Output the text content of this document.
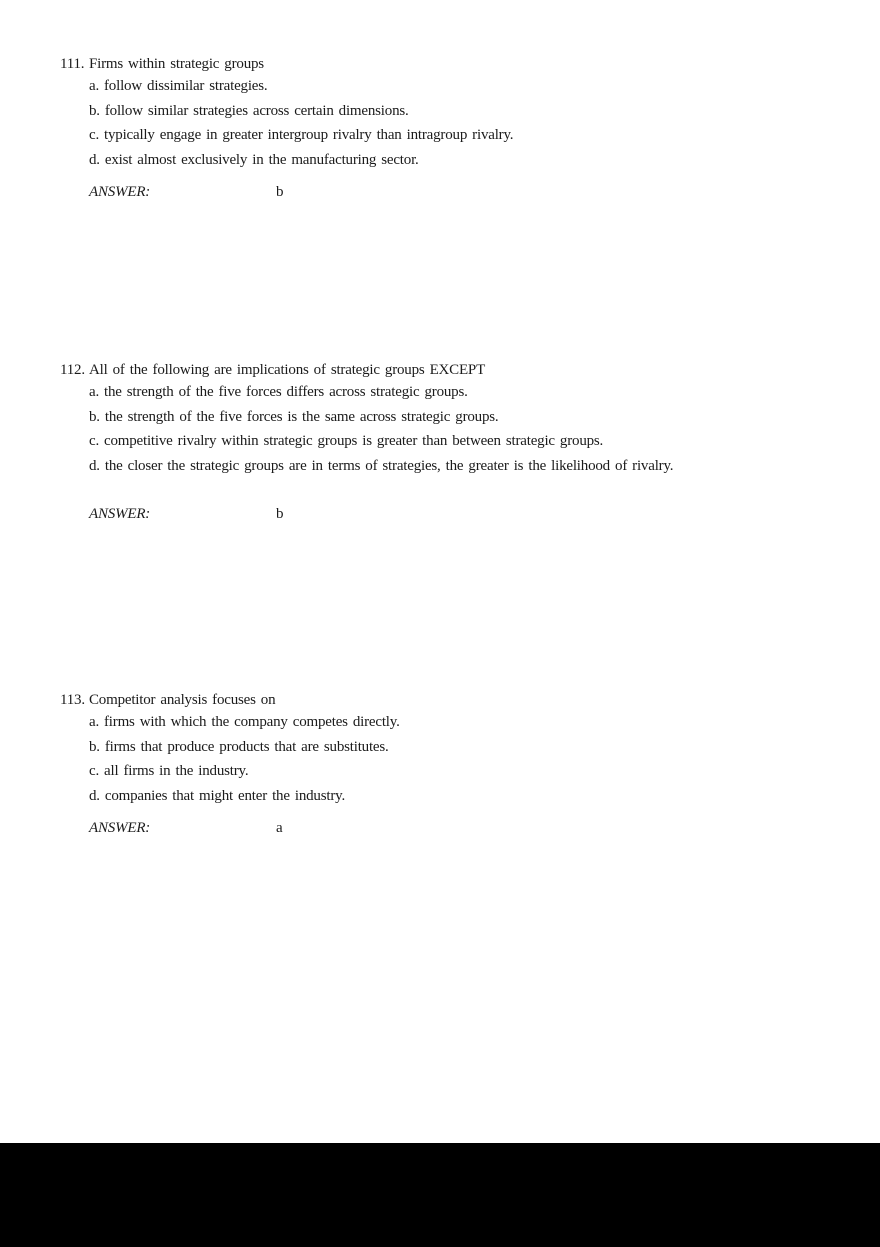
111. Firms within strategic groups
a. follow dissimilar strategies.
b. follow similar strategies across certain dimensions.
c. typically engage in greater intergroup rivalry than intragroup rivalry.
d. exist almost exclusively in the manufacturing sector.
ANSWER:	b
112. All of the following are implications of strategic groups EXCEPT
a. the strength of the five forces differs across strategic groups.
b. the strength of the five forces is the same across strategic groups.
c. competitive rivalry within strategic groups is greater than between strategic groups.
d. the closer the strategic groups are in terms of strategies, the greater is the likelihood of rivalry.
ANSWER:	b
113. Competitor analysis focuses on
a. firms with which the company competes directly.
b. firms that produce products that are substitutes.
c. all firms in the industry.
d. companies that might enter the industry.
ANSWER:	a
